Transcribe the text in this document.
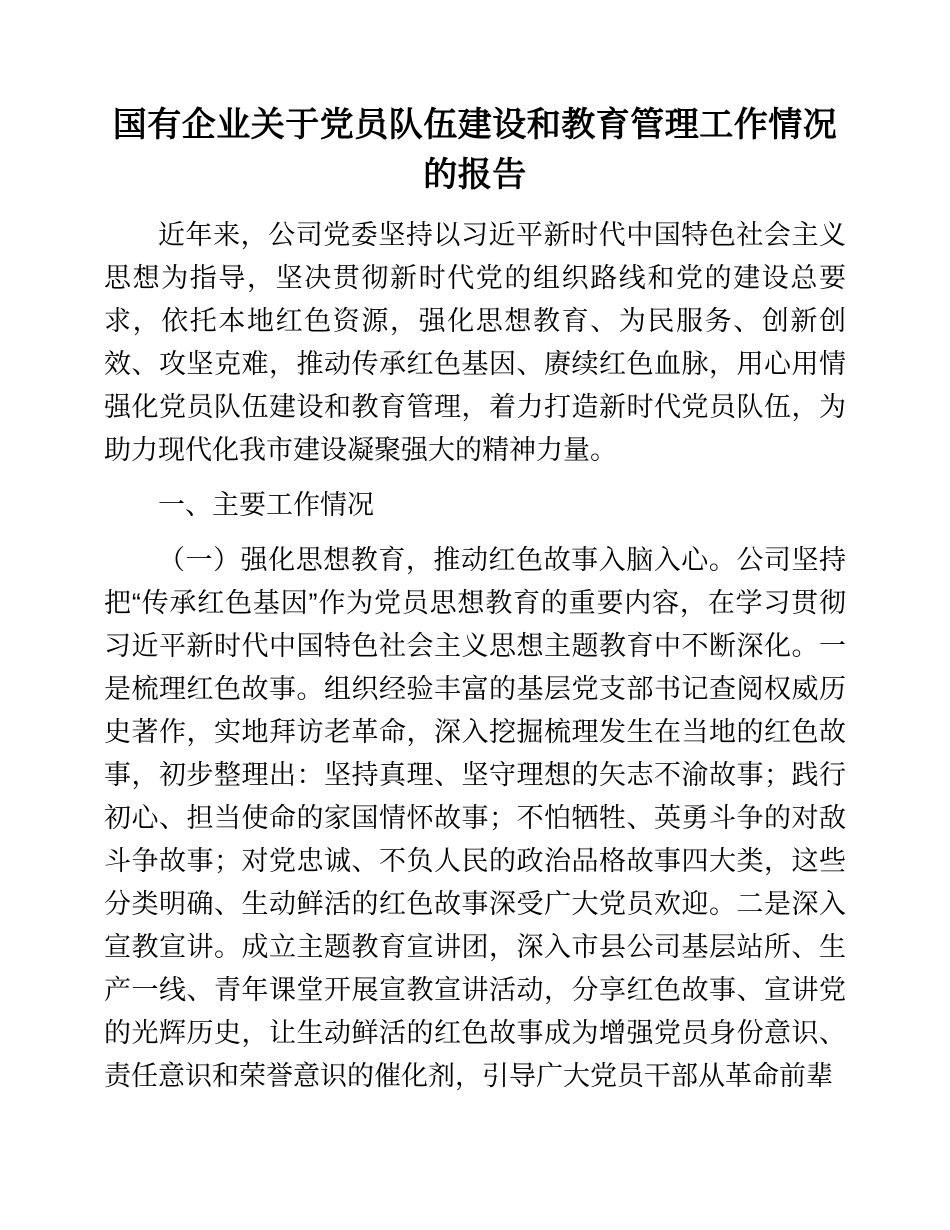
国有企业关于党员队伍建设和教育管理工作情况的报告

近年来，公司党委坚持以习近平新时代中国特色社会主义思想为指导，坚决贯彻新时代党的组织路线和党的建设总要求，依托本地红色资源，强化思想教育、为民服务、创新创效、攻坚克难，推动传承红色基因、赓续红色血脉，用心用情强化党员队伍建设和教育管理，着力打造新时代党员队伍，为助力现代化我市建设凝聚强大的精神力量。

一、主要工作情况

（一）强化思想教育，推动红色故事入脑入心。公司坚持把“传承红色基因”作为党员思想教育的重要内容，在学习贯彻习近平新时代中国特色社会主义思想主题教育中不断深化。一是梳理红色故事。组织经验丰富的基层党支部书记查阅权威历史著作，实地拜访老革命，深入挖掘梳理发生在当地的红色故事，初步整理出：坚持真理、坚守理想的矢志不渝故事；践行初心、担当使命的家国情怀故事；不怕牺牲、英勇斗争的对敌斗争故事；对党忠诚、不负人民的政治品格故事四大类，这些分类明确、生动鲜活的红色故事深受广大党员欢迎。二是深入宣教宣讲。成立主题教育宣讲团，深入市县公司基层站所、生产一线、青年课堂开展宣教宣讲活动，分享红色故事、宣讲党的光辉历史，让生动鲜活的红色故事成为增强党员身份意识、责任意识和荣誉意识的催化剂，引导广大党员干部从革命前辈
